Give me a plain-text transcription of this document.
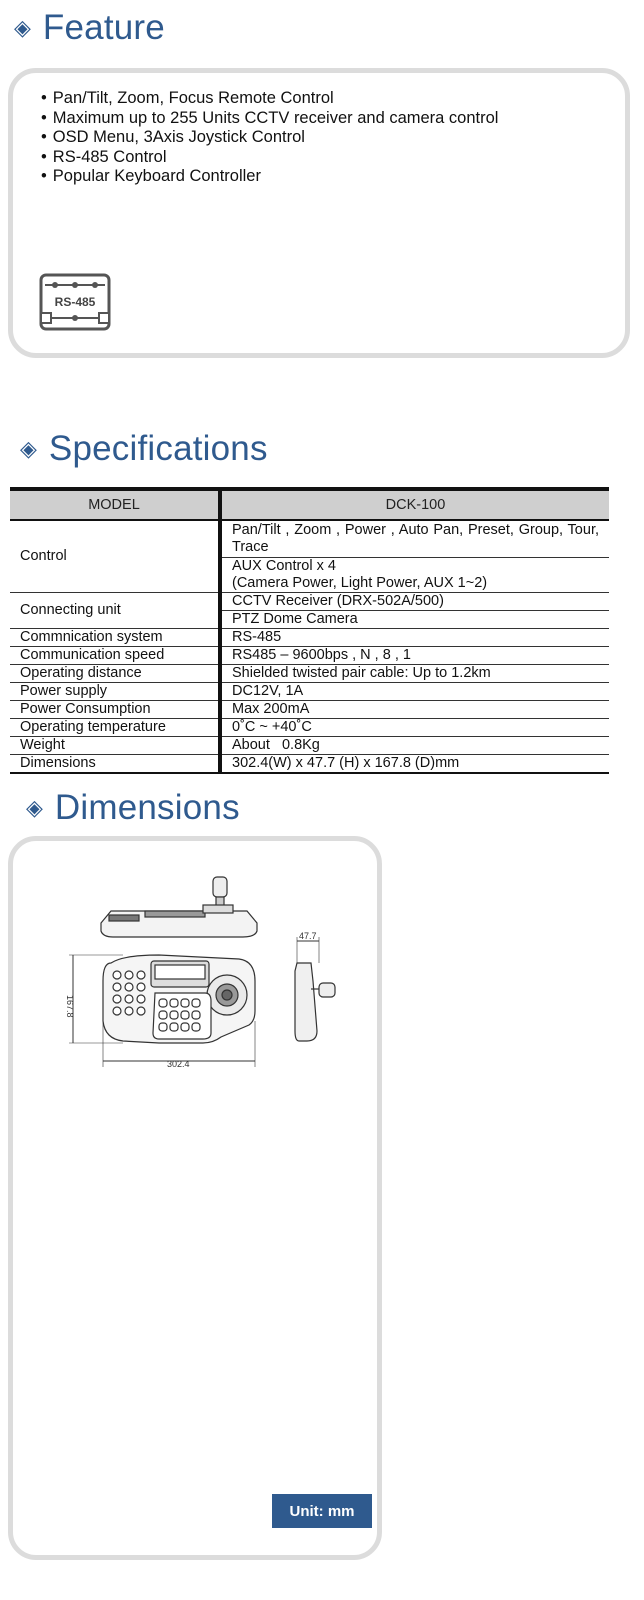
◈ Feature
• Pan/Tilt, Zoom, Focus Remote Control
• Maximum up to 255 Units CCTV receiver and camera control
• OSD Menu, 3Axis Joystick Control
• RS-485 Control
• Popular Keyboard Controller
RS-485
◈ Specifications
MODEL	DCK-100
Control	Pan/Tilt , Zoom , Power , Auto Pan, Preset, Group, Tour, Trace
	AUX Control x 4
(Camera Power, Light Power, AUX 1~2)
Connecting unit	CCTV Receiver (DRX-502A/500)
	PTZ Dome Camera
Commnication system	RS-485
Communication speed	RS485 – 9600bps , N , 8 , 1
Operating distance	Shielded twisted pair cable: Up to 1.2km
Power supply	DC12V, 1A
Power Consumption	Max 200mA
Operating temperature	0˚C ~ +40˚C
Weight	About   0.8Kg
Dimensions	302.4(W) x 47.7 (H) x 167.8 (D)mm
◈ Dimensions
167.8
302.4
47.7
Unit: mm
